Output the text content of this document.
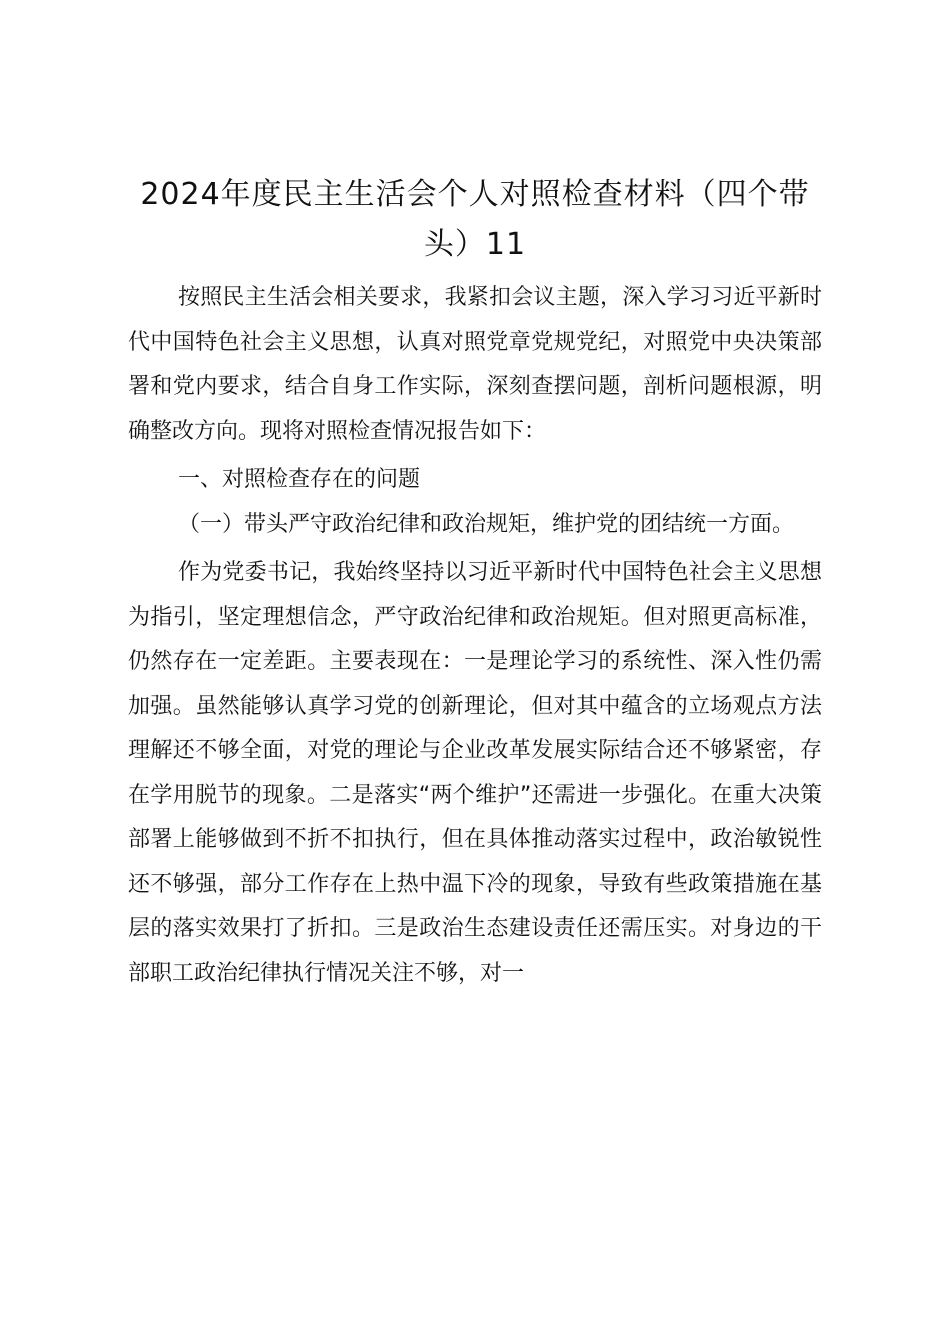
2024年度民主生活会个人对照检查材料（四个带头）11

按照民主生活会相关要求，我紧扣会议主题，深入学习习近平新时代中国特色社会主义思想，认真对照党章党规党纪，对照党中央决策部署和党内要求，结合自身工作实际，深刻查摆问题，剖析问题根源，明确整改方向。现将对照检查情况报告如下：

一、对照检查存在的问题

（一）带头严守政治纪律和政治规矩，维护党的团结统一方面。

作为党委书记，我始终坚持以习近平新时代中国特色社会主义思想为指引，坚定理想信念，严守政治纪律和政治规矩。但对照更高标准，仍然存在一定差距。主要表现在：一是理论学习的系统性、深入性仍需加强。虽然能够认真学习党的创新理论，但对其中蕴含的立场观点方法理解还不够全面，对党的理论与企业改革发展实际结合还不够紧密，存在学用脱节的现象。二是落实“两个维护”还需进一步强化。在重大决策部署上能够做到不折不扣执行，但在具体推动落实过程中，政治敏锐性还不够强，部分工作存在上热中温下冷的现象，导致有些政策措施在基层的落实效果打了折扣。三是政治生态建设责任还需压实。对身边的干部职工政治纪律执行情况关注不够，对一
